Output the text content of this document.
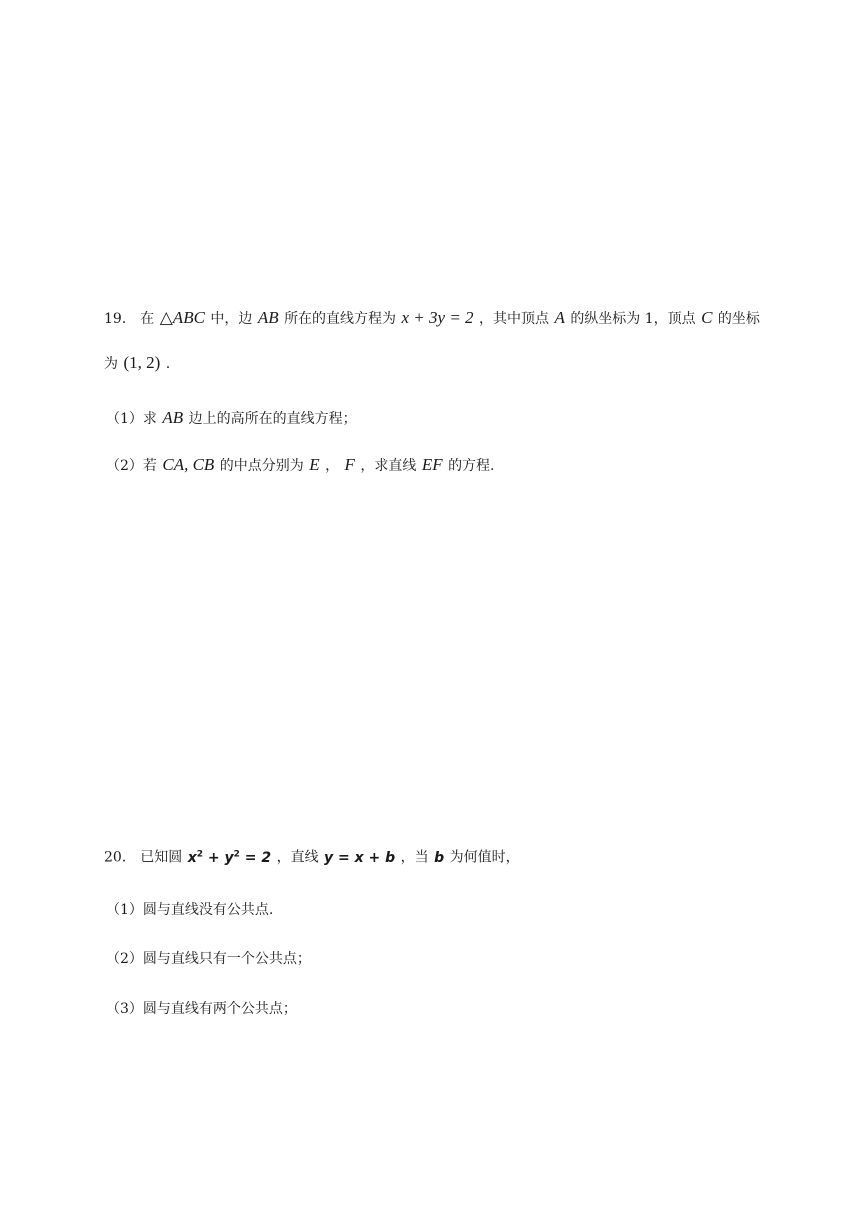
19． 在 △ABC 中，边 AB 所在的直线方程为 x + 3y = 2 ，其中顶点 A 的纵坐标为 1，顶点 C 的坐标
为 (1, 2) .
（1）求 AB 边上的高所在的直线方程；
（2）若 CA, CB 的中点分别为 E ， F ，求直线 EF 的方程.
20． 已知圆 $x^2 + y^2 = 2$ ，直线 y = x + b ，当 b 为何值时，
（1）圆与直线没有公共点.
（2）圆与直线只有一个公共点；
（3）圆与直线有两个公共点；
